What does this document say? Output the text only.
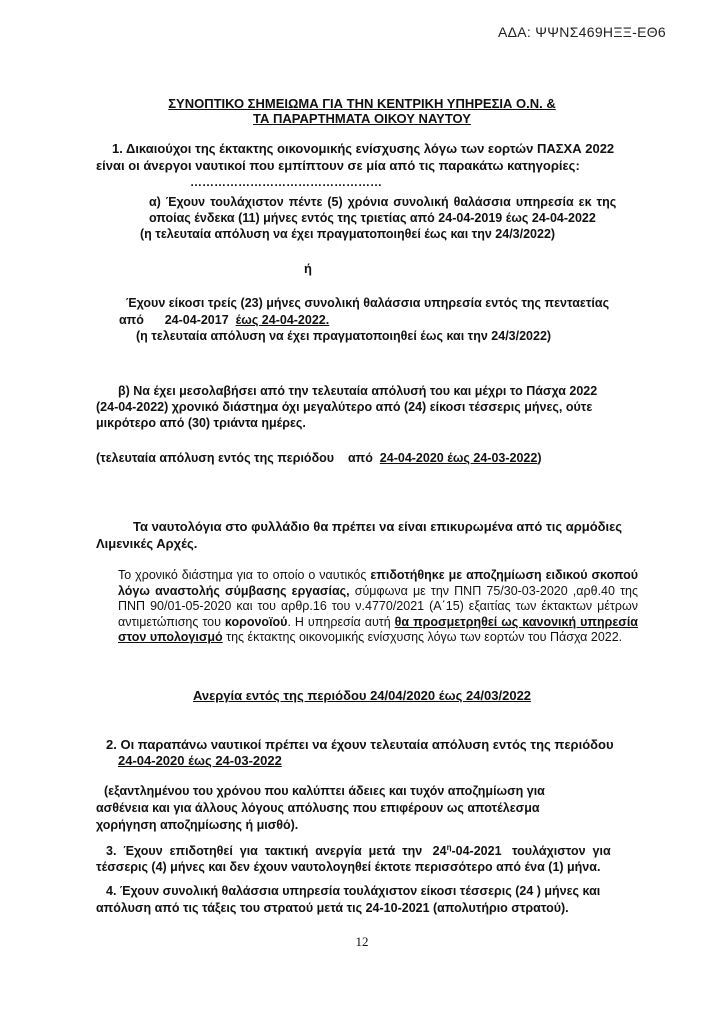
ΑΔΑ: ΨΨΝΣ469ΗΞΞ-ΕΘ6
ΣΥΝΟΠΤΙΚΟ ΣΗΜΕΙΩΜΑ ΓΙΑ ΤΗΝ ΚΕΝΤΡΙΚΗ ΥΠΗΡΕΣΙΑ Ο.Ν. &
ΤΑ ΠΑΡΑΡΤΗΜΑΤΑ ΟΙΚΟΥ ΝΑΥΤΟΥ
1. Δικαιούχοι της έκτακτης οικονομικής ενίσχυσης λόγω των εορτών ΠΑΣΧΑ 2022
είναι οι άνεργοι ναυτικοί που εμπίπτουν σε μία από τις παρακάτω κατηγορίες:
…………………………………………
α) Έχουν τουλάχιστον πέντε (5) χρόνια συνολική θαλάσσια υπηρεσία εκ της
οποίας ένδεκα (11) μήνες εντός της τριετίας από 24-04-2019 έως 24-04-2022
(η τελευταία απόλυση να έχει πραγματοποιηθεί έως και την 24/3/2022)
ή
Έχουν είκοσι τρείς (23) μήνες συνολική θαλάσσια υπηρεσία εντός της πενταετίας
από      24-04-2017  έως 24-04-2022.
(η τελευταία απόλυση να έχει πραγματοποιηθεί έως και την 24/3/2022)
β) Να έχει μεσολαβήσει από την τελευταία απόλυσή του και μέχρι το Πάσχα 2022
(24-04-2022) χρονικό διάστημα όχι μεγαλύτερο από (24) είκοσι τέσσερις μήνες, ούτε
μικρότερο από (30) τριάντα ημέρες.
(τελευταία απόλυση εντός της περιόδου    από  24-04-2020 έως 24-03-2022)
Τα ναυτολόγια στο φυλλάδιο θα πρέπει να είναι επικυρωμένα από τις αρμόδιες
Λιμενικές Αρχές.
Το χρονικό διάστημα για το οποίο ο ναυτικός επιδοτήθηκε με αποζημίωση ειδικού σκοπού λόγω αναστολής σύμβασης εργασίας, σύμφωνα με την ΠΝΠ 75/30-03-2020 ,αρθ.40 της ΠΝΠ 90/01-05-2020 και του αρθρ.16 του ν.4770/2021 (Α΄15) εξαιτίας των έκτακτων μέτρων αντιμετώπισης του κορονοϊού. Η υπηρεσία αυτή θα προσμετρηθεί ως κανονική υπηρεσία στον υπολογισμό της έκτακτης οικονομικής ενίσχυσης λόγω των εορτών του Πάσχα 2022.
Ανεργία εντός της περιόδου 24/04/2020 έως 24/03/2022
2. Οι παραπάνω ναυτικοί πρέπει να έχουν τελευταία απόλυση εντός της περιόδου
24-04-2020 έως 24-03-2022
(εξαντλημένου του χρόνου που καλύπτει άδειες και τυχόν αποζημίωση για
ασθένεια και για άλλους λόγους απόλυσης που επιφέρουν ως αποτέλεσμα
χορήγηση αποζημίωσης ή μισθό).
3.  Έχουν  επιδοτηθεί  για  τακτική  ανεργία  μετά  την   $24^\eta-04-2021$   τουλάχιστον  για
τέσσερις (4) μήνες και δεν έχουν ναυτολογηθεί έκτοτε περισσότερο από ένα (1) μήνα.
4. Έχουν συνολική θαλάσσια υπηρεσία τουλάχιστον είκοσι τέσσερις (24 ) μήνες και
απόλυση από τις τάξεις του στρατού μετά τις 24-10-2021 (απολυτήριο στρατού).
12
